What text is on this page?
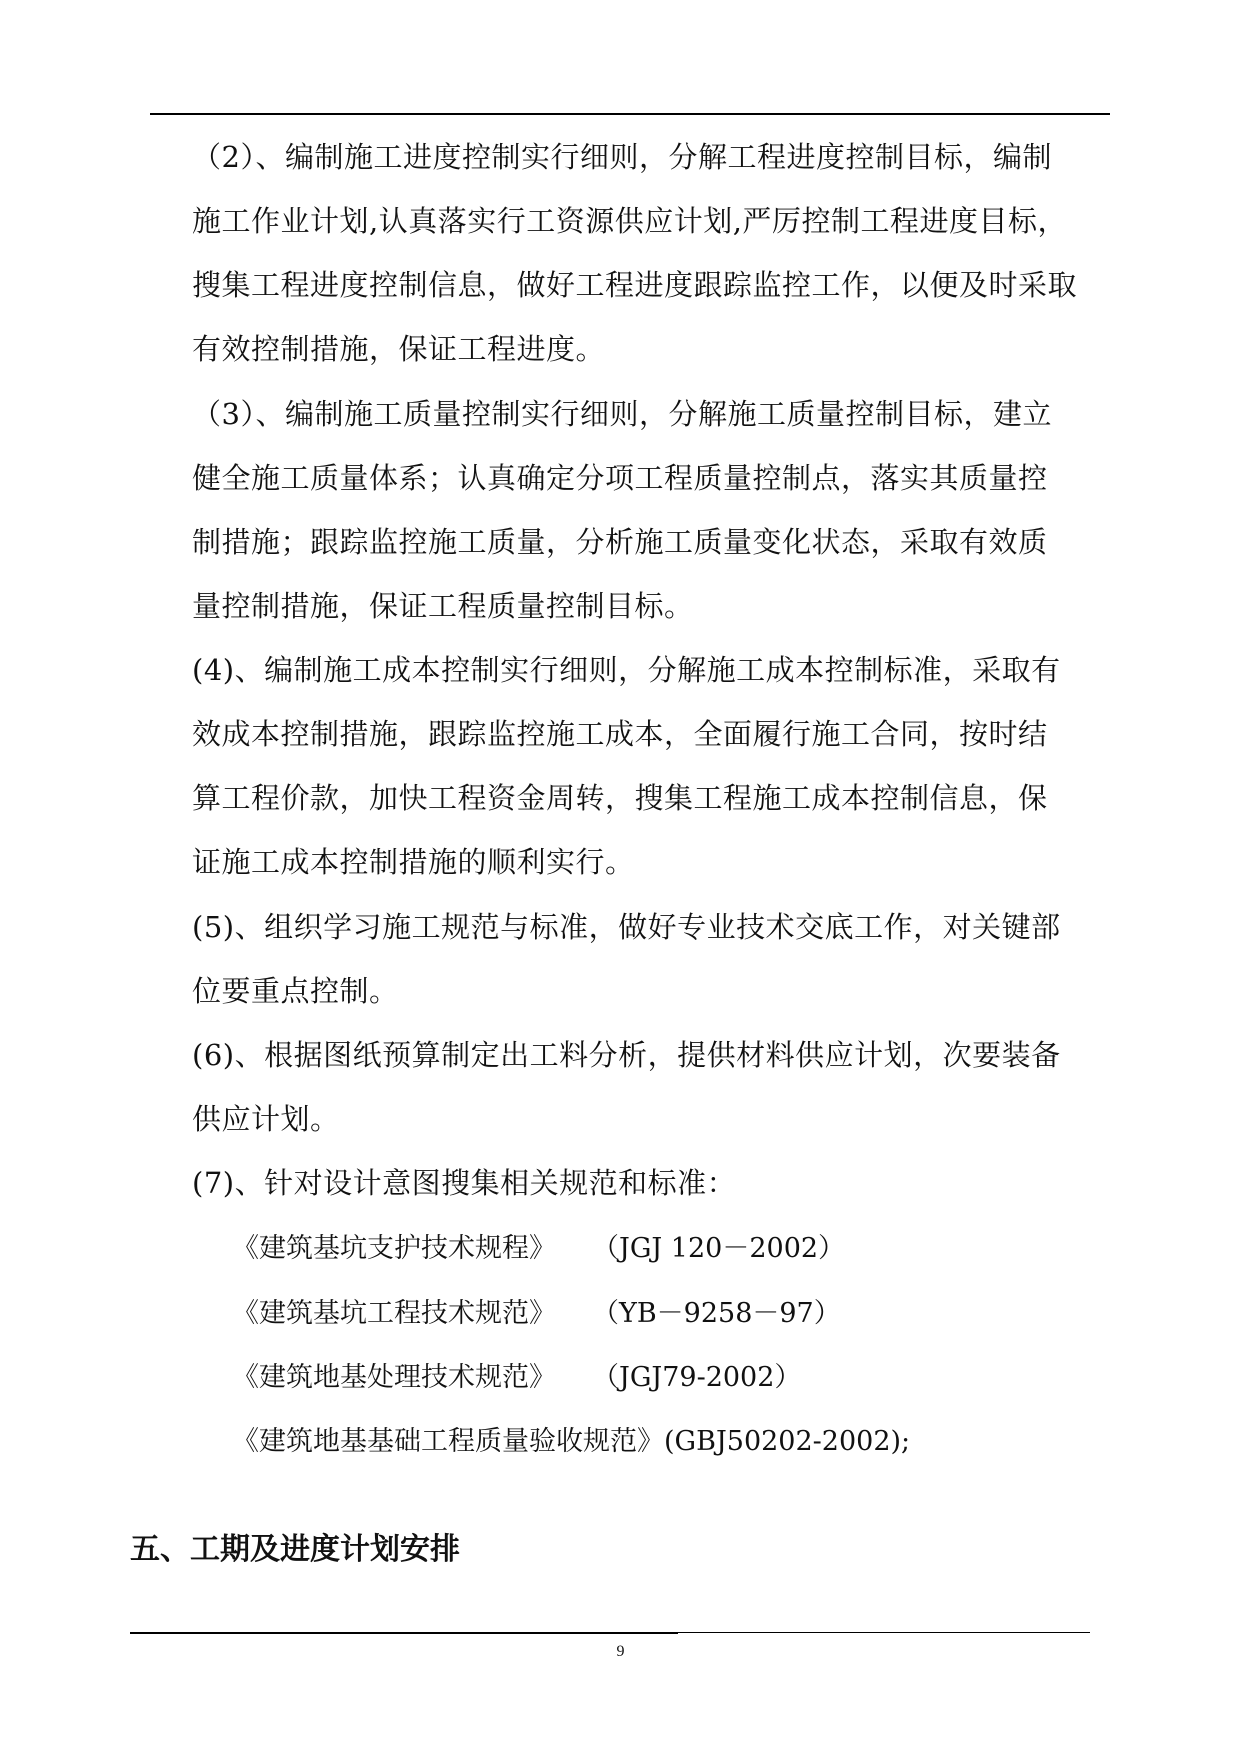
（2）、编制施工进度控制实行细则，分解工程进度控制目标，编制
施工作业计划,认真落实行工资源供应计划,严厉控制工程进度目标，
搜集工程进度控制信息，做好工程进度跟踪监控工作，以便及时采取
有效控制措施，保证工程进度。
（3）、编制施工质量控制实行细则，分解施工质量控制目标，建立
健全施工质量体系；认真确定分项工程质量控制点，落实其质量控
制措施；跟踪监控施工质量，分析施工质量变化状态，采取有效质
量控制措施，保证工程质量控制目标。
(4)、编制施工成本控制实行细则，分解施工成本控制标准，采取有
效成本控制措施，跟踪监控施工成本，全面履行施工合同，按时结
算工程价款，加快工程资金周转，搜集工程施工成本控制信息，保
证施工成本控制措施的顺利实行。
(5)、组织学习施工规范与标准，做好专业技术交底工作，对关键部
位要重点控制。
(6)、根据图纸预算制定出工料分析，提供材料供应计划，次要装备
供应计划。
(7)、针对设计意图搜集相关规范和标准：
《建筑基坑支护技术规程》 （JGJ 120－2002）
《建筑基坑工程技术规范》 （YB－9258－97）
《建筑地基处理技术规范》 （JGJ79-2002）
《建筑地基基础工程质量验收规范》(GBJ50202-2002);
五、工期及进度计划安排
9
